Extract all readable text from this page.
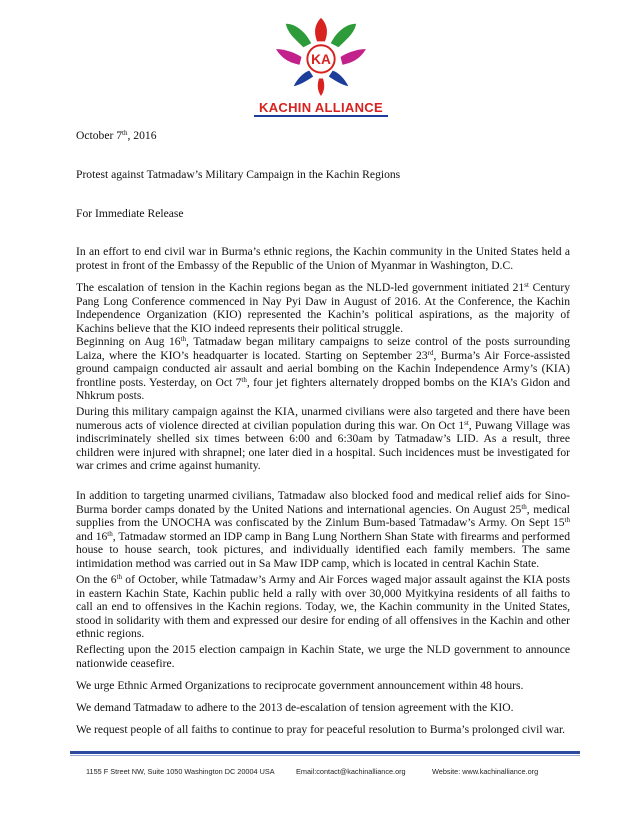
KA
KACHIN ALLIANCE
October 7th, 2016
Protest against Tatmadaw’s Military Campaign in the Kachin Regions
For Immediate Release
In an effort to end civil war in Burma’s ethnic regions, the Kachin community in the United States held a protest in front of the Embassy of the Republic of the Union of Myanmar in Washington, D.C.
The escalation of tension in the Kachin regions began as the NLD-led government initiated 21st Century Pang Long Conference commenced in Nay Pyi Daw in August of 2016. At the Conference, the Kachin Independence Organization (KIO) represented the Kachin’s political aspirations, as the majority of Kachins believe that the KIO indeed represents their political struggle.
Beginning on Aug 16th, Tatmadaw began military campaigns to seize control of the posts surrounding Laiza, where the KIO’s headquarter is located. Starting on September 23rd, Burma’s Air Force-assisted ground campaign conducted air assault and aerial bombing on the Kachin Independence Army’s (KIA) frontline posts. Yesterday, on Oct 7th, four jet fighters alternately dropped bombs on the KIA’s Gidon and Nhkrum posts.
During this military campaign against the KIA, unarmed civilians were also targeted and there have been numerous acts of violence directed at civilian population during this war. On Oct 1st, Puwang Village was indiscriminately shelled six times between 6:00 and 6:30am by Tatmadaw’s LID. As a result, three children were injured with shrapnel; one later died in a hospital. Such incidences must be investigated for war crimes and crime against humanity.
In addition to targeting unarmed civilians, Tatmadaw also blocked food and medical relief aids for Sino-Burma border camps donated by the United Nations and international agencies. On August 25th, medical supplies from the UNOCHA was confiscated by the Zinlum Bum-based Tatmadaw’s Army. On Sept 15th and 16th, Tatmadaw stormed an IDP camp in Bang Lung Northern Shan State with firearms and performed house to house search, took pictures, and individually identified each family members. The same intimidation method was carried out in Sa Maw IDP camp, which is located in central Kachin State.
On the 6th of October, while Tatmadaw’s Army and Air Forces waged major assault against the KIA posts in eastern Kachin State, Kachin public held a rally with over 30,000 Myitkyina residents of all faiths to call an end to offensives in the Kachin regions. Today, we, the Kachin community in the United States, stood in solidarity with them and expressed our desire for ending of all offensives in the Kachin and other ethnic regions.
Reflecting upon the 2015 election campaign in Kachin State, we urge the NLD government to announce nationwide ceasefire.
We urge Ethnic Armed Organizations to reciprocate government announcement within 48 hours.
We demand Tatmadaw to adhere to the 2013 de-escalation of tension agreement with the KIO.
We request people of all faiths to continue to pray for peaceful resolution to Burma’s prolonged civil war.
1155 F Street NW, Suite 1050 Washington DC 20004 USA	Email:contact@kachinalliance.org	Website: www.kachinalliance.org
